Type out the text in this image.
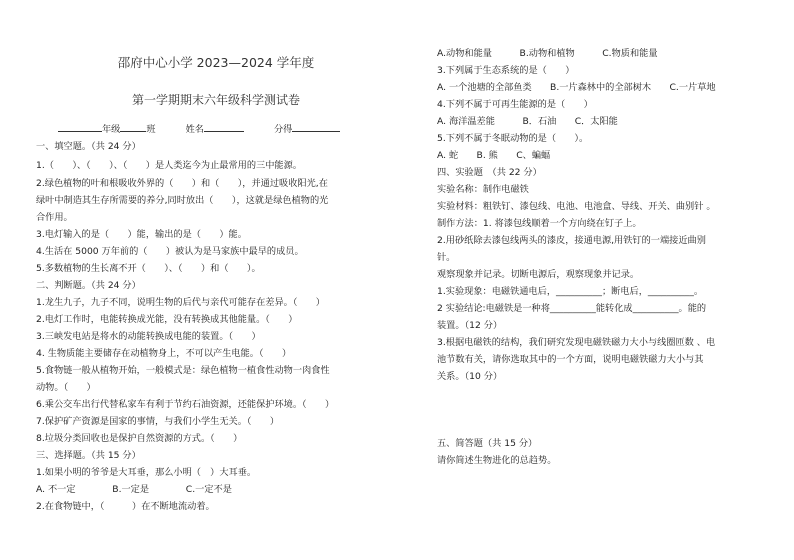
邵府中心小学 2023—2024 学年度
第一学期期末六年级科学测试卷
年级	班	姓名	分得
一、填空题。（共 24 分）
1.（　　）、（　　）、（　　）是人类迄今为止最常用的三中能源。
2.绿色植物的叶和根吸收外界的（　　）和（　　），并通过吸收阳光,在
绿叶中制造其生存所需要的养分,同时放出（　　），这就是绿色植物的光
合作用。
3.电灯输入的是（　　）能，输出的是（　　）能。
4.生活在 5000 万年前的（　　）被认为是马家族中最早的成员。
5.多数植物的生长离不开（　　）、（　　）和（　　）。
二、判断题。（共 24 分）
1.龙生九子，九子不同，说明生物的后代与亲代可能存在差异。（　　）
2.电灯工作时，电能转换成光能，没有转换成其他能量。（　　）
3.三峡发电站是将水的动能转换成电能的装置。（　　）
4. 生物质能主要储存在动植物身上，不可以产生电能。（　　）
5.食物链一般从植物开始，一般模式是：绿色植物一植食性动物一肉食性
动物。（　　）
6.乘公交车出行代替私家车有利于节约石油资源，还能保护环境。（　　）
7.保护矿产资源是国家的事情，与我们小学生无关。（　　）
8.垃圾分类回收也是保护自然资源的方式。（　　）
三、选择题。（共 15 分）
1.如果小明的爷爷是大耳垂，那么小明（　）大耳垂。
A. 不一定　　　　B.一定是　　　　C.一定不是
2.在食物链中，（　　　）在不断地流动着。
A.动物和能量　　　B.动物和植物　　　C.物质和能量
3.下列属于生态系统的是（　　）
A. 一个池塘的全部鱼类　　B.一片森林中的全部树木　　C.一片草地
4.下列不属于可再生能源的是（　　）
A. 海洋温差能　　　B．石油　　C．太阳能
5.下列不属于冬眠动物的是（　　）。
A. 蛇　　B. 熊　　C、蝙蝠
四、实验题　（共 22 分）
实验名称：制作电磁铁
实验材料：粗铁钉、漆包线、电池、电池盒、导线、开关、曲别针 。
制作方法：1. 将漆包线顺着一个方向绕在钉子上。
2.用砂纸除去漆包线两头的漆皮，接通电源,用铁钉的一端接近曲别
针。
观察现象并记录。切断电源后，观察现象并记录。
1.实验现象：电磁铁通电后，__________；断电后，__________。
2 实验结论:电磁铁是一种将__________能转化成__________。能的
装置。（12 分）
3.根据电磁铁的结构，我们研究发现电磁铁磁力大小与线圈匝数 、电
池节数有关，请你选取其中的一个方面，说明电磁铁磁力大小与其
关系。（10 分）
五、简答题（共 15 分）
请你简述生物进化的总趋势。
